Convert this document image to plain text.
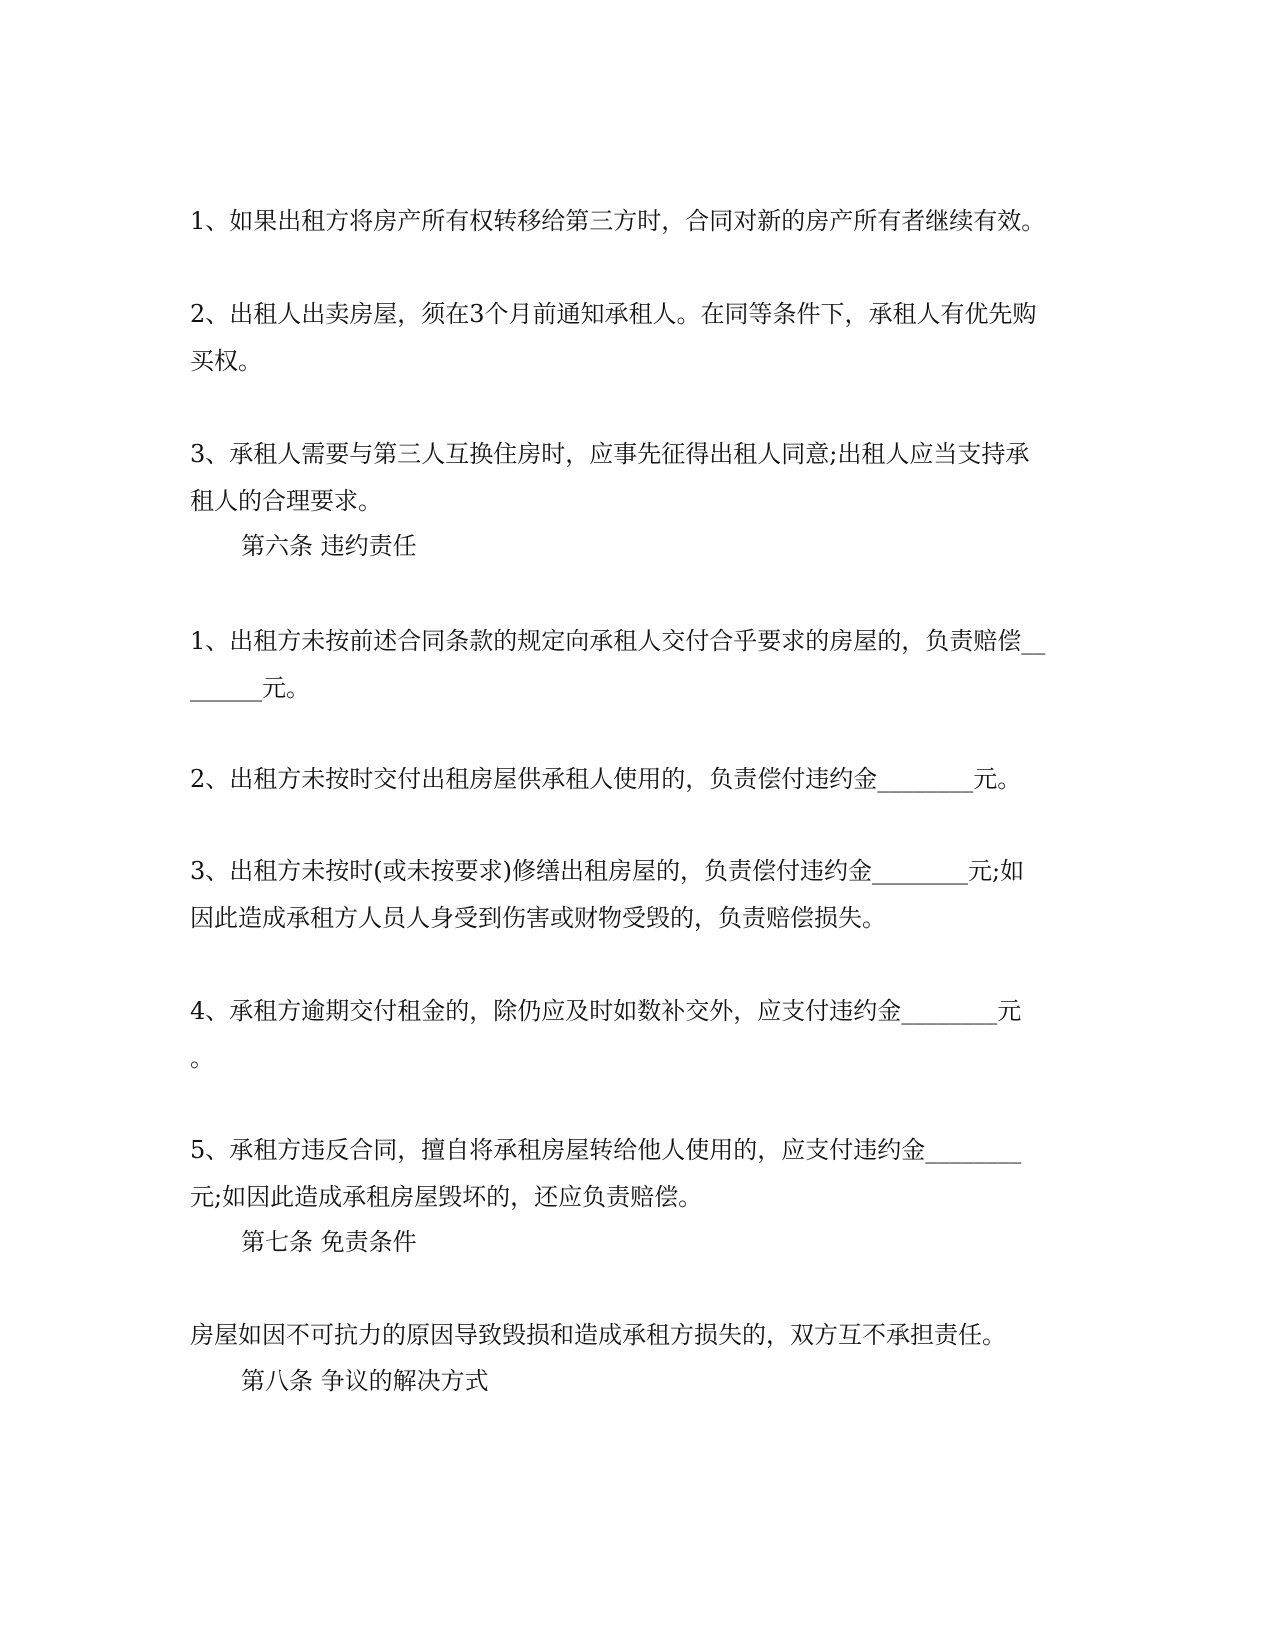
1、如果出租方将房产所有权转移给第三方时，合同对新的房产所有者继续有效。
2、出租人出卖房屋，须在3个月前通知承租人。在同等条件下，承租人有优先购
买权。
3、承租人需要与第三人互换住房时，应事先征得出租人同意;出租人应当支持承
租人的合理要求。
第六条 违约责任
1、出租方未按前述合同条款的规定向承租人交付合乎要求的房屋的，负责赔偿__
______元。
2、出租方未按时交付出租房屋供承租人使用的，负责偿付违约金________元。
3、出租方未按时(或未按要求)修缮出租房屋的，负责偿付违约金________元;如
因此造成承租方人员人身受到伤害或财物受毁的，负责赔偿损失。
4、承租方逾期交付租金的，除仍应及时如数补交外，应支付违约金________元
。
5、承租方违反合同，擅自将承租房屋转给他人使用的，应支付违约金________
元;如因此造成承租房屋毁坏的，还应负责赔偿。
第七条 免责条件
房屋如因不可抗力的原因导致毁损和造成承租方损失的，双方互不承担责任。
第八条 争议的解决方式
